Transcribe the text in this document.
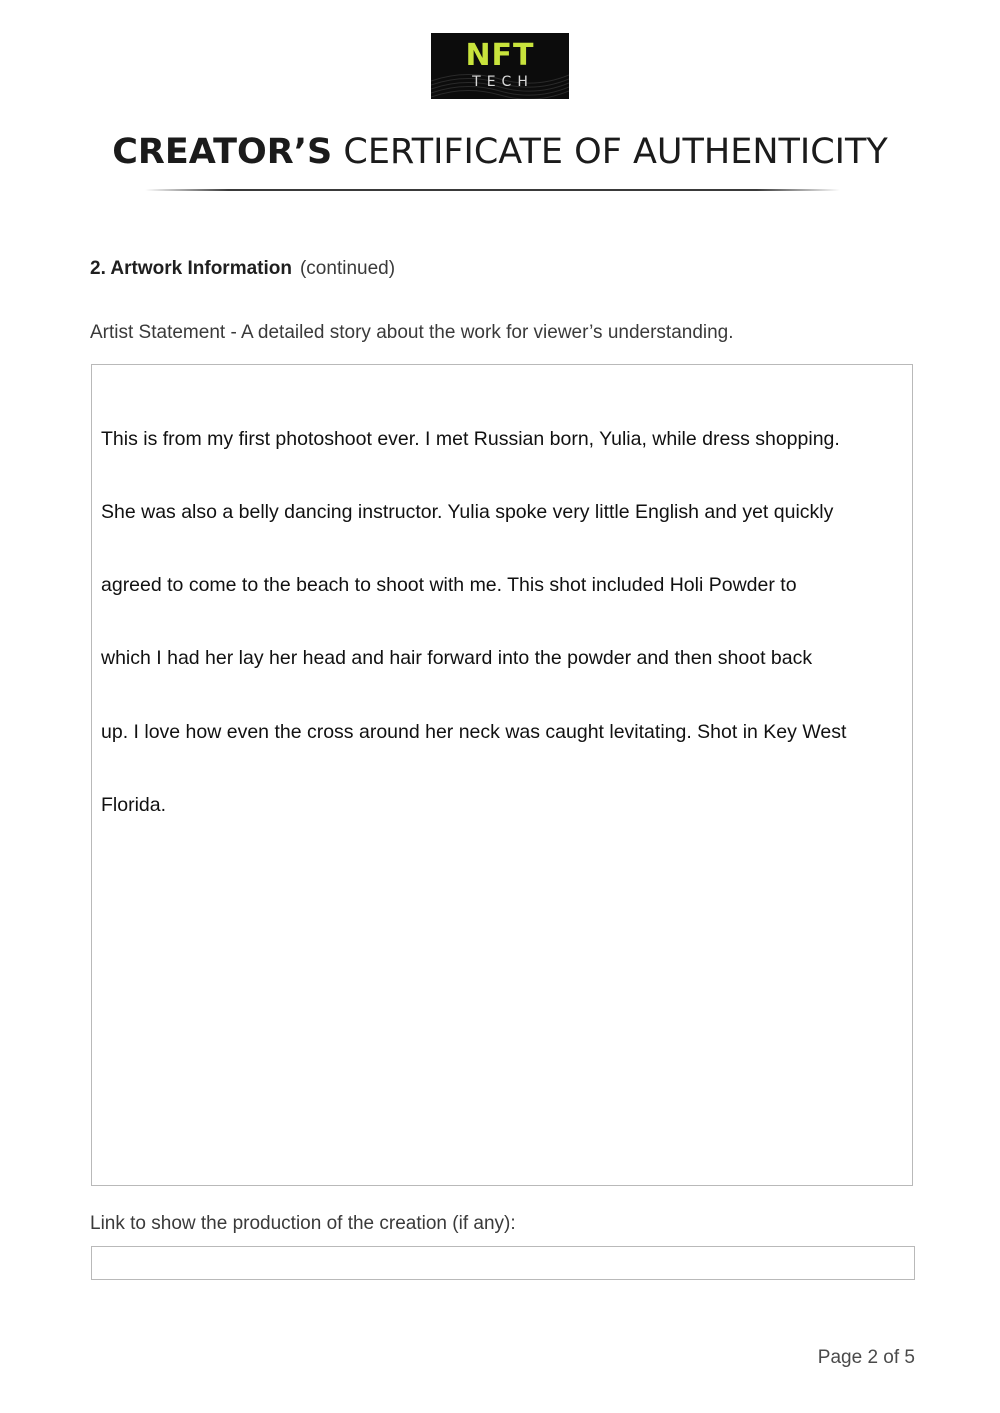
NFT
TECH
CREATOR’S CERTIFICATE OF AUTHENTICITY
2. Artwork Information (continued)
Artist Statement - A detailed story about the work for viewer’s understanding.

This is from my first photoshoot ever. I met Russian born, Yulia, while dress shopping.

She was also a belly dancing instructor. Yulia spoke very little English and yet quickly

agreed to come to the beach to shoot with me. This shot included Holi Powder to

which I had her lay her head and hair forward into the powder and then shoot back

up. I love how even the cross around her neck was caught levitating. Shot in Key West

Florida.

Link to show the production of the creation (if any):
Page 2 of 5
